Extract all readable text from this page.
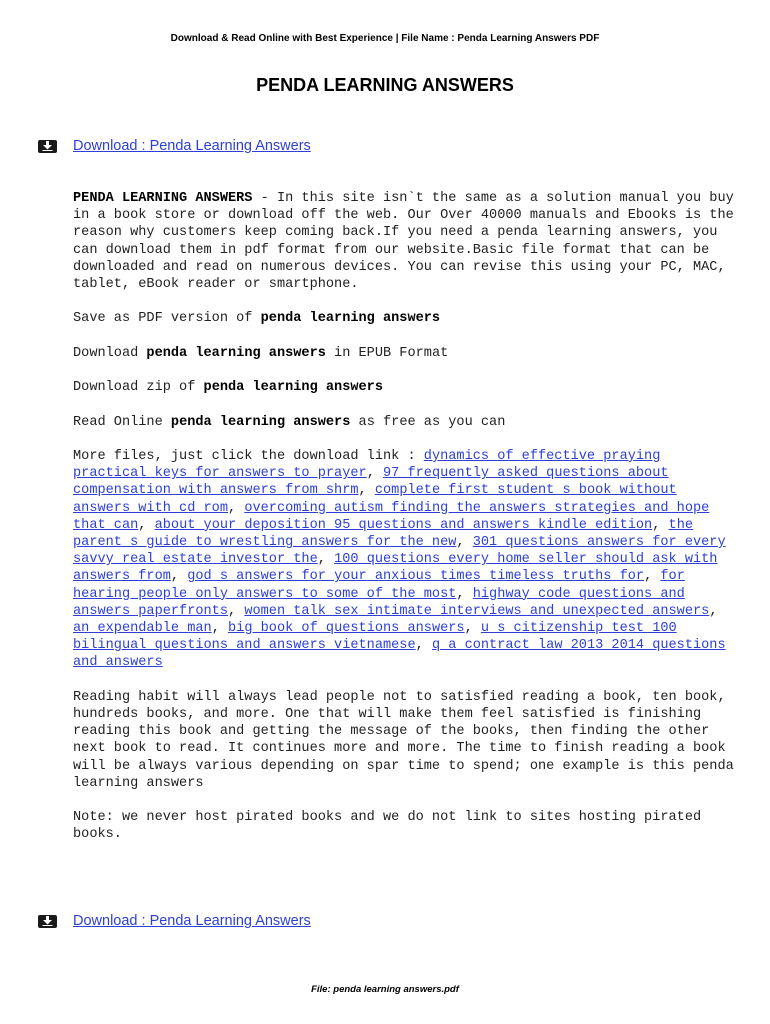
Download & Read Online with Best Experience | File Name : Penda Learning Answers PDF
PENDA LEARNING ANSWERS
Download : Penda Learning Answers

PENDA LEARNING ANSWERS - In this site isn`t the same as a solution manual you buy in a book store or download off the web. Our Over 40000 manuals and Ebooks is the reason why customers keep coming back.If you need a penda learning answers, you can download them in pdf format from our website.Basic file format that can be downloaded and read on numerous devices. You can revise this using your PC, MAC, tablet, eBook reader or smartphone.

Save as PDF version of penda learning answers

Download penda learning answers in EPUB Format

Download zip of penda learning answers

Read Online penda learning answers as free as you can

More files, just click the download link : dynamics of effective praying practical keys for answers to prayer, 97 frequently asked questions about compensation with answers from shrm, complete first student s book without answers with cd rom, overcoming autism finding the answers strategies and hope that can, about your deposition 95 questions and answers kindle edition, the parent s guide to wrestling answers for the new, 301 questions answers for every savvy real estate investor the, 100 questions every home seller should ask with answers from, god s answers for your anxious times timeless truths for, for hearing people only answers to some of the most, highway code questions and answers paperfronts, women talk sex intimate interviews and unexpected answers, an expendable man, big book of questions answers, u s citizenship test 100 bilingual questions and answers vietnamese, q a contract law 2013 2014 questions and answers

Reading habit will always lead people not to satisfied reading a book, ten book, hundreds books, and more. One that will make them feel satisfied is finishing reading this book and getting the message of the books, then finding the other next book to read. It continues more and more. The time to finish reading a book will be always various depending on spar time to spend; one example is this penda learning answers

Note: we never host pirated books and we do not link to sites hosting pirated books.

Download : Penda Learning Answers
File: penda learning answers.pdf
